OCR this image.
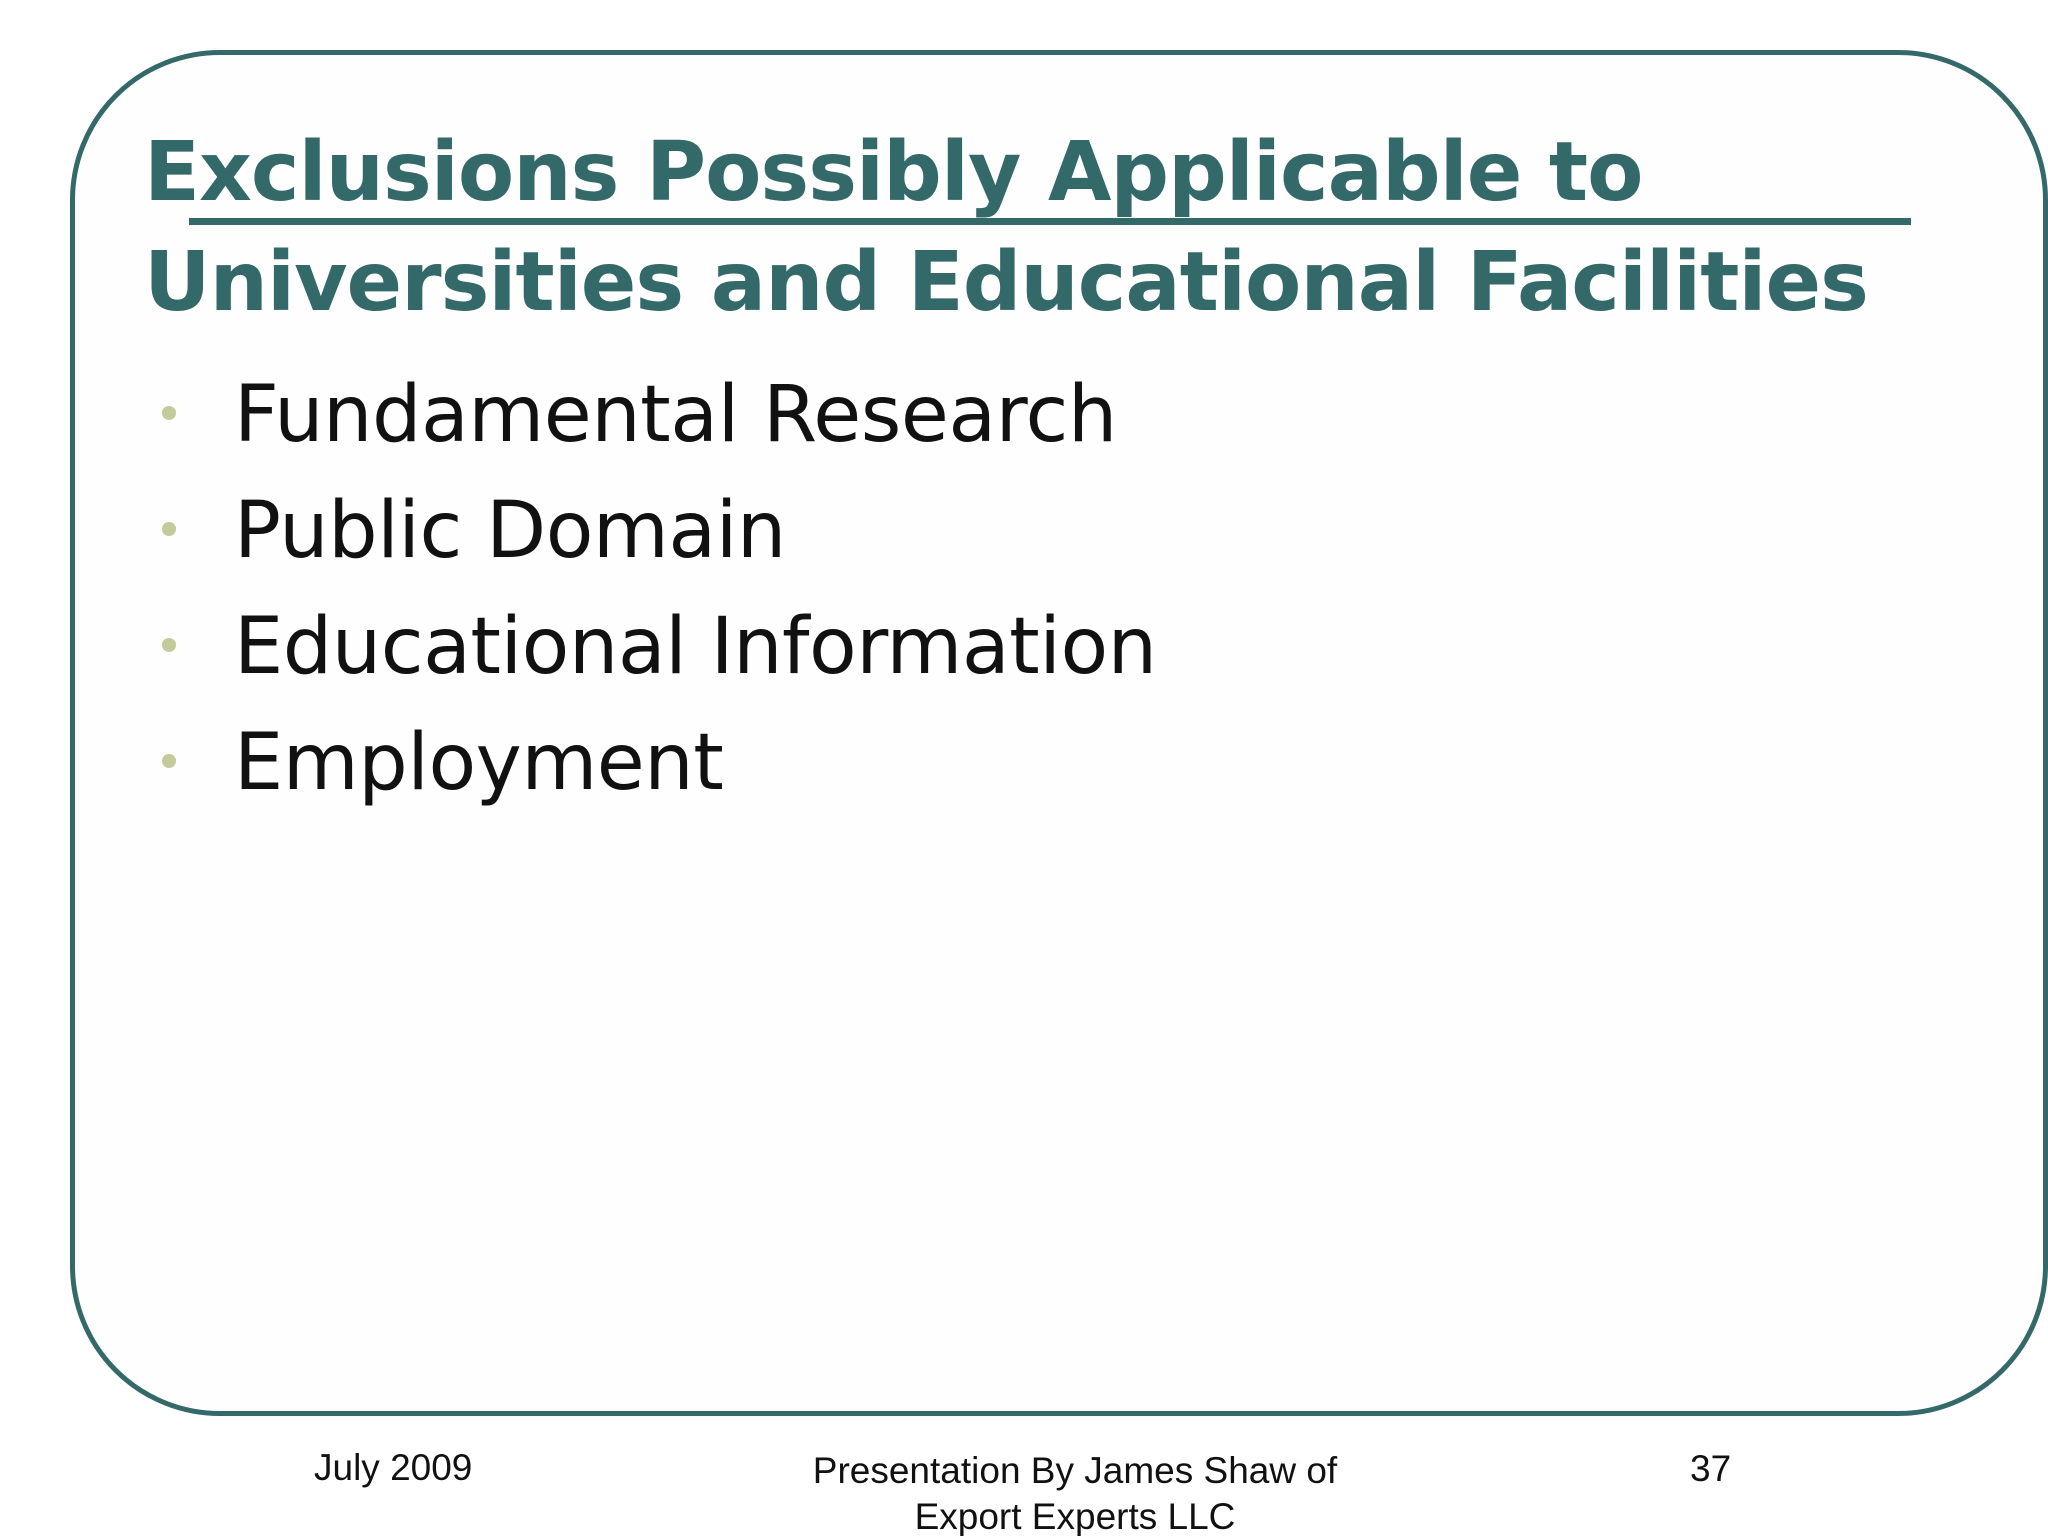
Exclusions Possibly Applicable to
Universities and Educational Facilities
Fundamental Research
Public Domain
Educational Information
Employment
July 2009	Presentation By James Shaw of
Export Experts LLC
37
